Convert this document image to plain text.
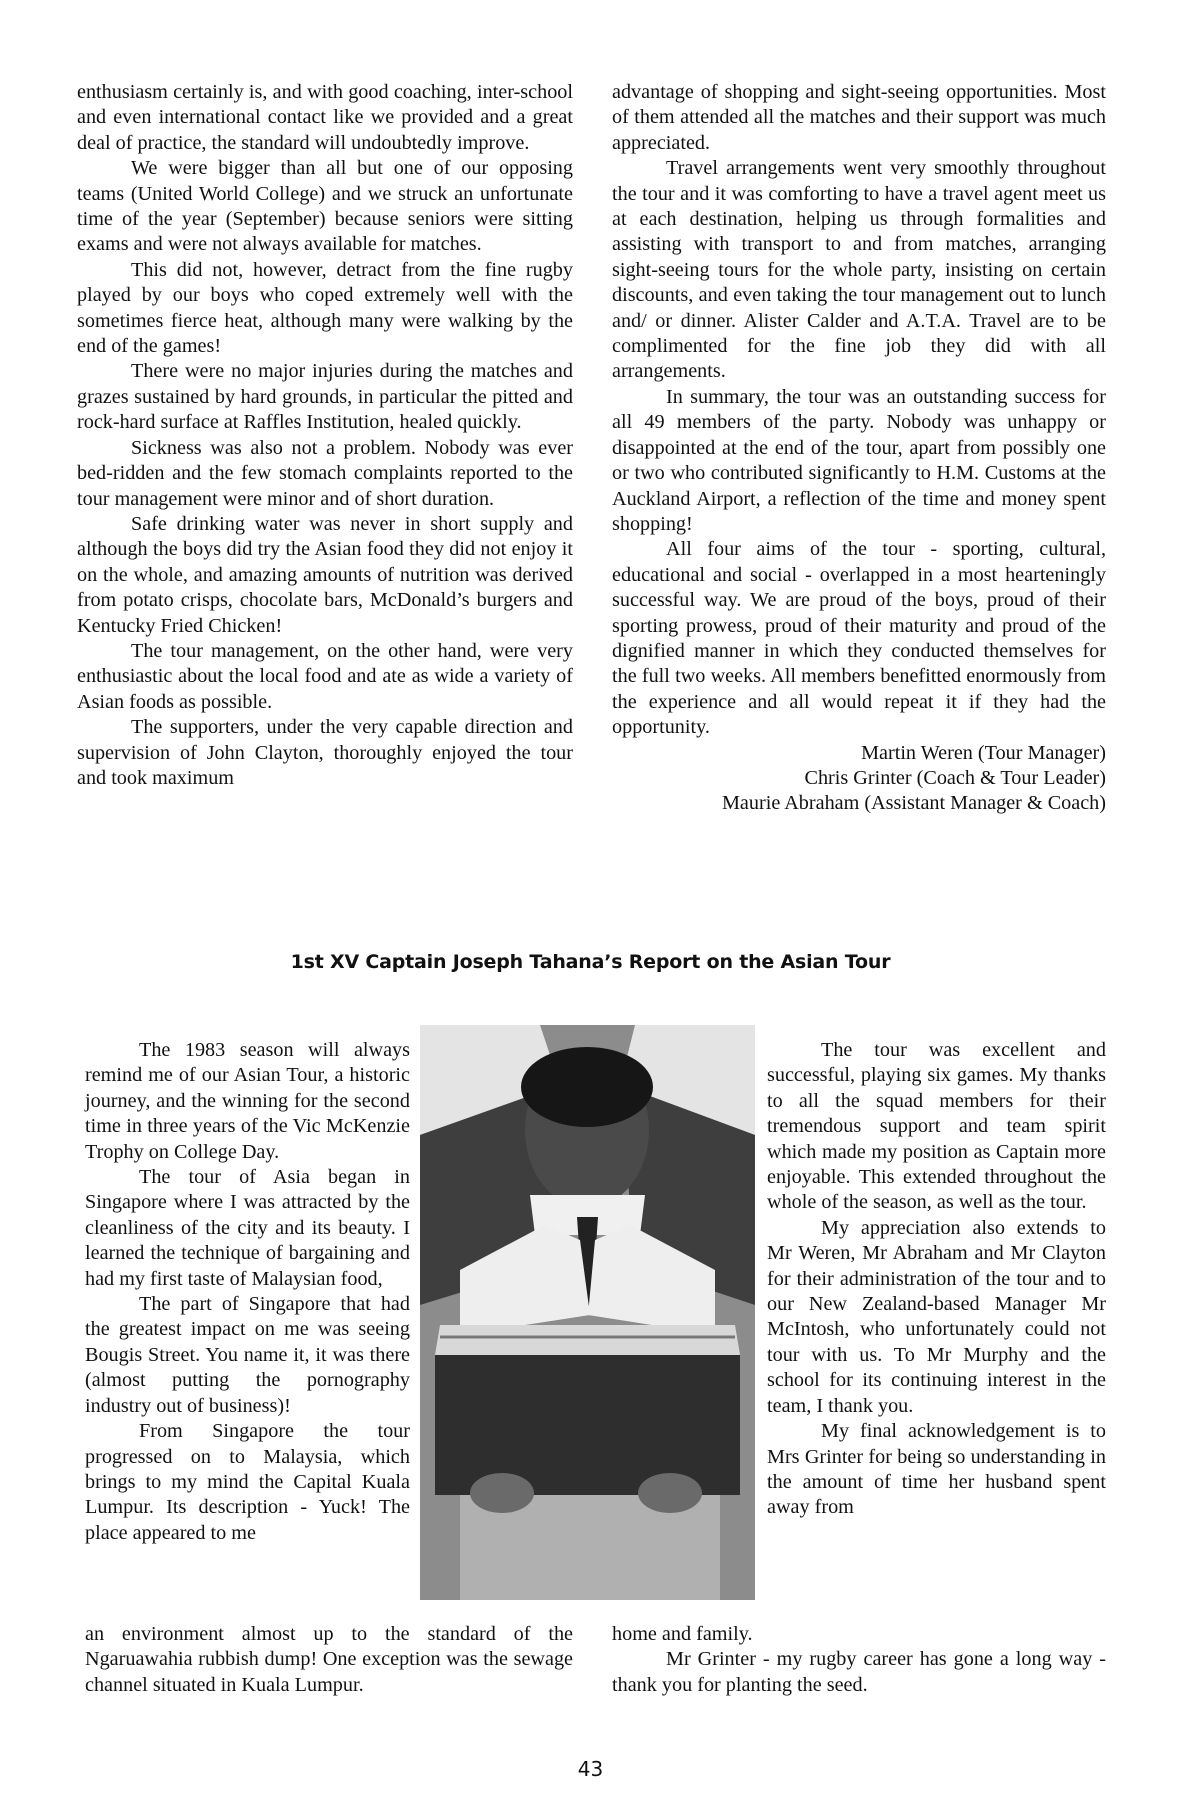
enthusiasm certainly is, and with good coaching, inter-school and even international contact like we provided and a great deal of practice, the standard will undoubtedly improve.

We were bigger than all but one of our opposing teams (United World College) and we struck an unfortunate time of the year (September) because seniors were sitting exams and were not always available for matches.

This did not, however, detract from the fine rugby played by our boys who coped extremely well with the sometimes fierce heat, although many were walking by the end of the games!

There were no major injuries during the matches and grazes sustained by hard grounds, in particular the pitted and rock-hard surface at Raffles Institution, healed quickly.

Sickness was also not a problem. Nobody was ever bed-ridden and the few stomach complaints reported to the tour management were minor and of short duration.

Safe drinking water was never in short supply and although the boys did try the Asian food they did not enjoy it on the whole, and amazing amounts of nutrition was derived from potato crisps, chocolate bars, McDonald’s burgers and Kentucky Fried Chicken!

The tour management, on the other hand, were very enthusiastic about the local food and ate as wide a variety of Asian foods as possible.

The supporters, under the very capable direction and supervision of John Clayton, thoroughly enjoyed the tour and took maximum

advantage of shopping and sight-seeing opportunities. Most of them attended all the matches and their support was much appreciated.

Travel arrangements went very smoothly throughout the tour and it was comforting to have a travel agent meet us at each destination, helping us through formalities and assisting with transport to and from matches, arranging sight-seeing tours for the whole party, insisting on certain discounts, and even taking the tour management out to lunch and/ or dinner. Alister Calder and A.T.A. Travel are to be complimented for the fine job they did with all arrangements.

In summary, the tour was an outstanding success for all 49 members of the party. Nobody was unhappy or disappointed at the end of the tour, apart from possibly one or two who contributed significantly to H.M. Customs at the Auckland Airport, a reflection of the time and money spent shopping!

All four aims of the tour - sporting, cultural, educational and social - overlapped in a most hearteningly successful way. We are proud of the boys, proud of their sporting prowess, proud of their maturity and proud of the dignified manner in which they conducted themselves for the full two weeks. All members benefitted enormously from the experience and all would repeat it if they had the opportunity.

Martin Weren (Tour Manager)

Chris Grinter (Coach & Tour Leader)

Maurie Abraham (Assistant Manager & Coach)

1st XV Captain Joseph Tahana’s Report on the Asian Tour

The 1983 season will always remind me of our Asian Tour, a historic journey, and the winning for the second time in three years of the Vic McKenzie Trophy on College Day.

The tour of Asia began in Singapore where I was attracted by the cleanliness of the city and its beauty. I learned the technique of bargaining and had my first taste of Malaysian food,

The part of Singapore that had the greatest impact on me was seeing Bougis Street. You name it, it was there (almost putting the pornography industry out of business)!

From Singapore the tour progressed on to Malaysia, which brings to my mind the Capital Kuala Lumpur. Its description - Yuck! The place appeared to me

The tour was excellent and successful, playing six games. My thanks to all the squad members for their tremendous support and team spirit which made my position as Captain more enjoyable. This extended throughout the whole of the season, as well as the tour.

My appreciation also extends to Mr Weren, Mr Abraham and Mr Clayton for their administration of the tour and to our New Zealand-based Manager Mr McIntosh, who unfortunately could not tour with us. To Mr Murphy and the school for its continuing interest in the team, I thank you.

My final acknowledgement is to Mrs Grinter for being so understanding in the amount of time her husband spent away from

an environment almost up to the standard of the Ngaruawahia rubbish dump! One exception was the sewage channel situated in Kuala Lumpur.

home and family.

Mr Grinter - my rugby career has gone a long way - thank you for planting the seed.

43
